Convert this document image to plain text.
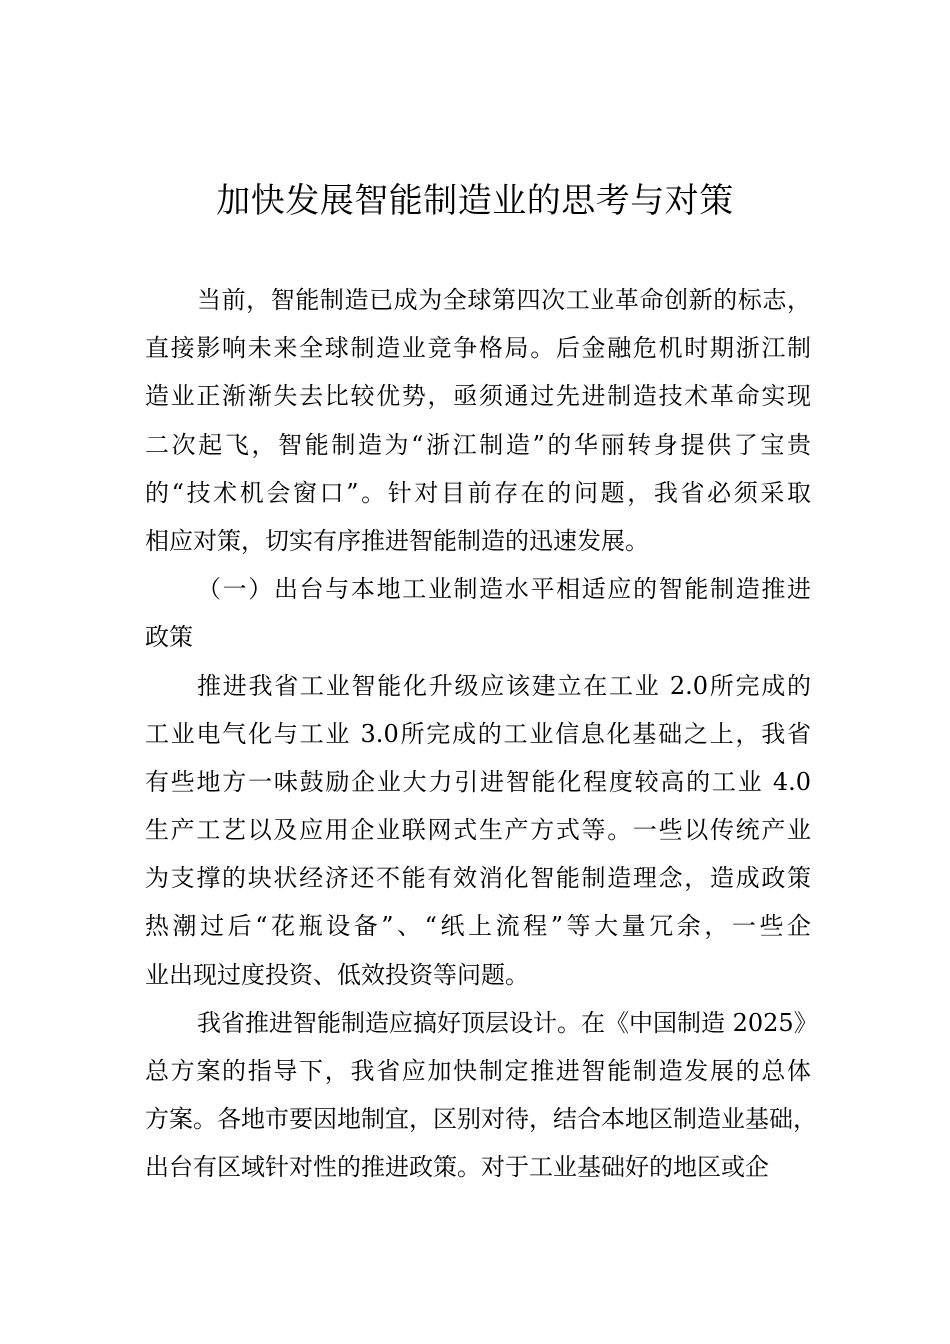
加快发展智能制造业的思考与对策
当前，智能制造已成为全球第四次工业革命创新的标志，
直接影响未来全球制造业竞争格局。后金融危机时期浙江制
造业正渐渐失去比较优势，亟须通过先进制造技术革命实现
二次起飞，智能制造为“浙江制造”的华丽转身提供了宝贵
的“技术机会窗口”。针对目前存在的问题，我省必须采取
相应对策，切实有序推进智能制造的迅速发展。
（一）出台与本地工业制造水平相适应的智能制造推进
政策
推进我省工业智能化升级应该建立在工业 2.0所完成的
工业电气化与工业 3.0所完成的工业信息化基础之上，我省
有些地方一味鼓励企业大力引进智能化程度较高的工业 4.0
生产工艺以及应用企业联网式生产方式等。一些以传统产业
为支撑的块状经济还不能有效消化智能制造理念，造成政策
热潮过后“花瓶设备”、“纸上流程”等大量冗余，一些企
业出现过度投资、低效投资等问题。
我省推进智能制造应搞好顶层设计。在《中国制造 2025》
总方案的指导下，我省应加快制定推进智能制造发展的总体
方案。各地市要因地制宜，区别对待，结合本地区制造业基础，
出台有区域针对性的推进政策。对于工业基础好的地区或企
